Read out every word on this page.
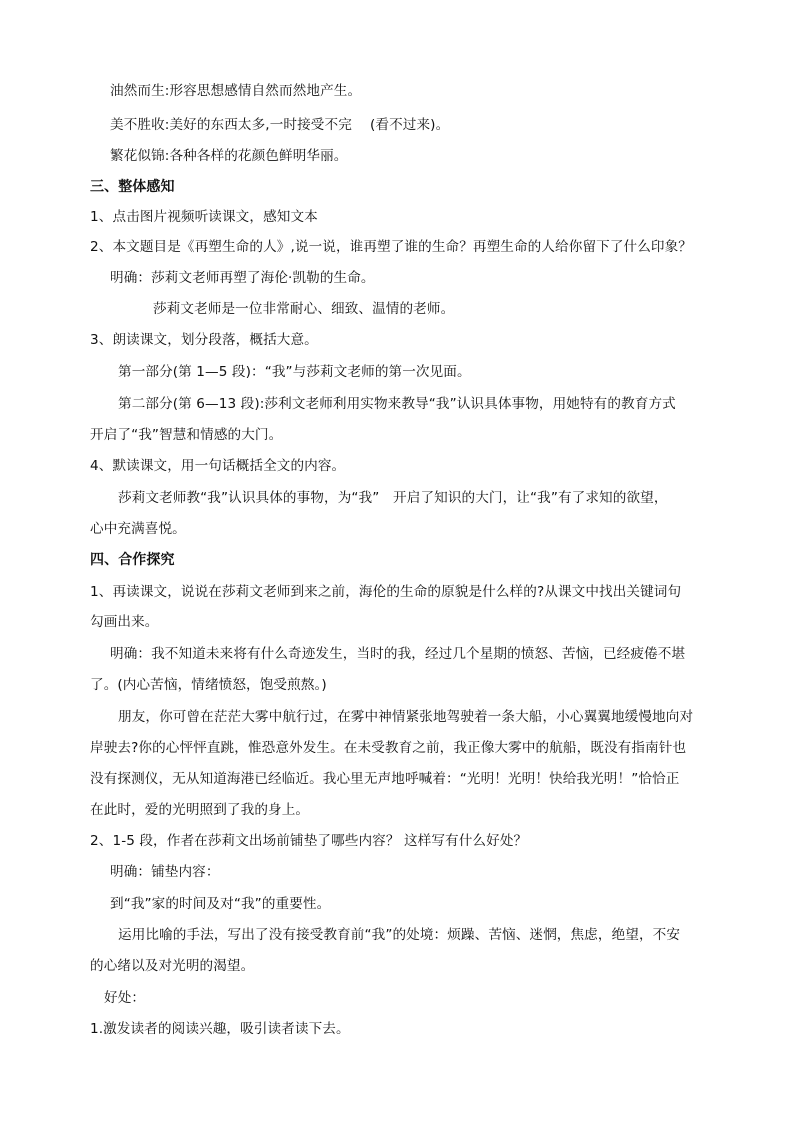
油然而生:形容思想感情自然而然地产生。
美不胜收:美好的东西太多,一时接受不完　 (看不过来)。
繁花似锦:各种各样的花颜色鲜明华丽。
三、整体感知
1、点击图片视频听读课文，感知文本
2、本文题目是《再塑生命的人》,说一说，谁再塑了谁的生命？再塑生命的人给你留下了什么印象？
明确：莎莉文老师再塑了海伦·凯勒的生命。
莎莉文老师是一位非常耐心、细致、温情的老师。
3、朗读课文，划分段落，概括大意。
第一部分(第 1—5 段)：“我”与莎莉文老师的第一次见面。
第二部分(第 6—13 段):莎利文老师利用实物来教导“我”认识具体事物，用她特有的教育方式
开启了“我”智慧和情感的大门。
4、默读课文，用一句话概括全文的内容。
莎莉文老师教“我”认识具体的事物，为“我”　开启了知识的大门，让“我”有了求知的欲望，
心中充满喜悦。
四、合作探究
1、再读课文，说说在莎莉文老师到来之前，海伦的生命的原貌是什么样的?从课文中找出关键词句
勾画出来。
明确：我不知道未来将有什么奇迹发生，当时的我，经过几个星期的愤怒、苦恼，已经疲倦不堪
了。(内心苦恼，情绪愤怒，饱受煎熬。)
朋友，你可曾在茫茫大雾中航行过，在雾中神情紧张地驾驶着一条大船，小心翼翼地缓慢地向对
岸驶去?你的心怦怦直跳，惟恐意外发生。在未受教育之前，我正像大雾中的航船，既没有指南针也
没有探测仪，无从知道海港已经临近。我心里无声地呼喊着：“光明！光明！快给我光明！”恰恰正
在此时，爱的光明照到了我的身上。
2、1-5 段，作者在莎莉文出场前铺垫了哪些内容？ 这样写有什么好处？
明确：铺垫内容：
到“我”家的时间及对“我”的重要性。
运用比喻的手法，写出了没有接受教育前“我”的处境：烦躁、苦恼、迷惘，焦虑，绝望，不安
的心绪以及对光明的渴望。
好处：
1.激发读者的阅读兴趣，吸引读者读下去。
